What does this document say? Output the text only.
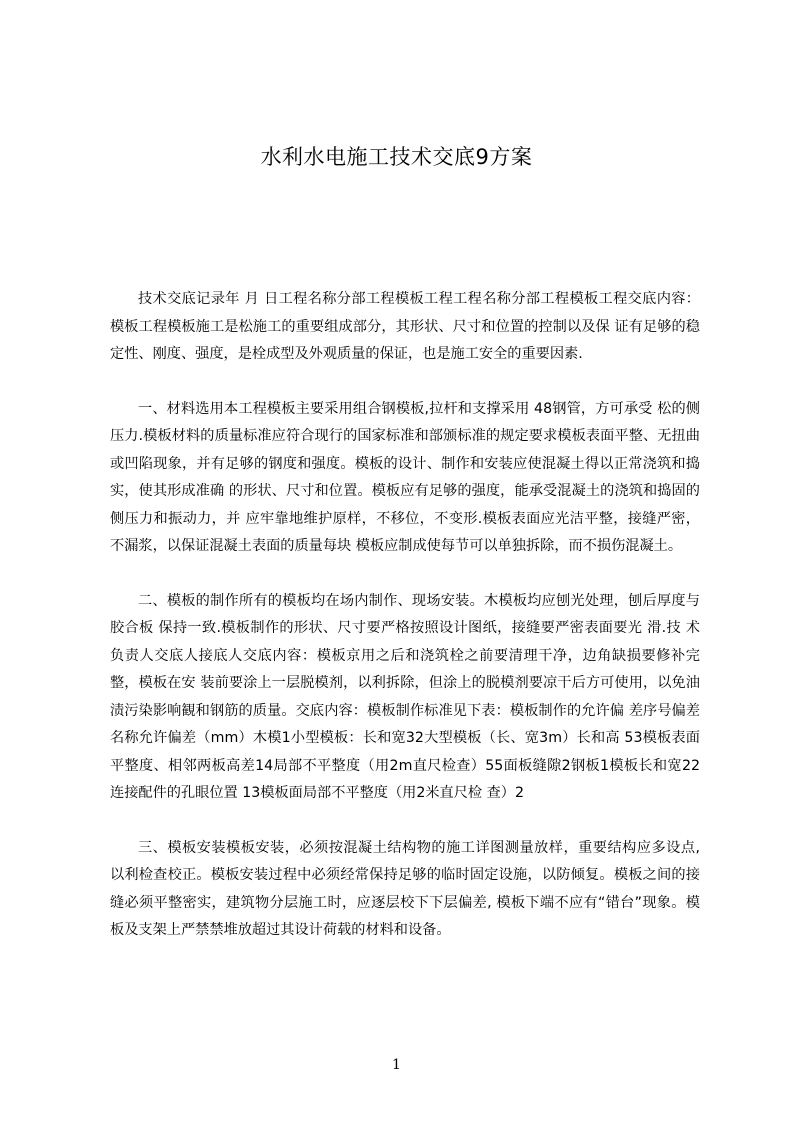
水利水电施工技术交底9方案

技术交底记录年 月 日工程名称分部工程模板工程工程名称分部工程模板工程交底内容： 模板工程模板施工是松施工的重要组成部分，其形状、尺寸和位置的控制以及保 证有足够的稳定性、刚度、强度，是栓成型及外观质量的保证，也是施工安全的重要因素.

一、材料选用本工程模板主要采用组合钢模板,拉杆和支撑采用 48钢管，方可承受 松的侧压力.模板材料的质量标准应符合现行的国家标准和部颁标准的规定要求模板表面平整、无扭曲或凹陷现象，并有足够的钢度和强度。模板的设计、制作和安装应使混凝土得以正常浇筑和捣实，使其形成准确 的形状、尺寸和位置。模板应有足够的强度，能承受混凝土的浇筑和捣固的侧压力和振动力，并 应牢靠地维护原样，不移位，不变形.模板表面应光洁平整，接缝严密，不漏浆，以保证混凝土表面的质量每块 模板应制成使每节可以单独拆除，而不损伤混凝土。

二、模板的制作所有的模板均在场内制作、现场安装。木模板均应刨光处理，刨后厚度与胶合板 保持一致.模板制作的形状、尺寸要严格按照设计图纸，接缝要严密表面要光 滑.技 术 负责人交底人接底人交底内容：模板京用之后和浇筑栓之前要清理干净，边角缺损要修补完整，模板在安 装前要涂上一层脱模剂，以利拆除，但涂上的脱模剂要凉干后方可使用，以免油 渍污染影响観和钢筋的质量。交底内容：模板制作标准见下表：模板制作的允许偏 差序号偏差名称允许偏差（mm）木模1小型模板：长和宽32大型模板（长、宽3m）长和高 53模板表面平整度、相邻两板高差14局部不平整度（用2m直尺检查）55面板缝隙2钢板1模板长和宽22连接配件的孔眼位置 13模板面局部不平整度（用2米直尺检 查）2

三、模板安装模板安装，必须按混凝土结构物的施工详图测量放样，重要结构应多设点, 以利检查校正。模板安装过程中必须经常保持足够的临时固定设施，以防倾复。模板之间的接缝必须平整密实，建筑物分层施工时，应逐层校下下层偏差, 模板下端不应有“错台”现象。模板及支架上严禁禁堆放超过其设计荷载的材料和设备。

1
